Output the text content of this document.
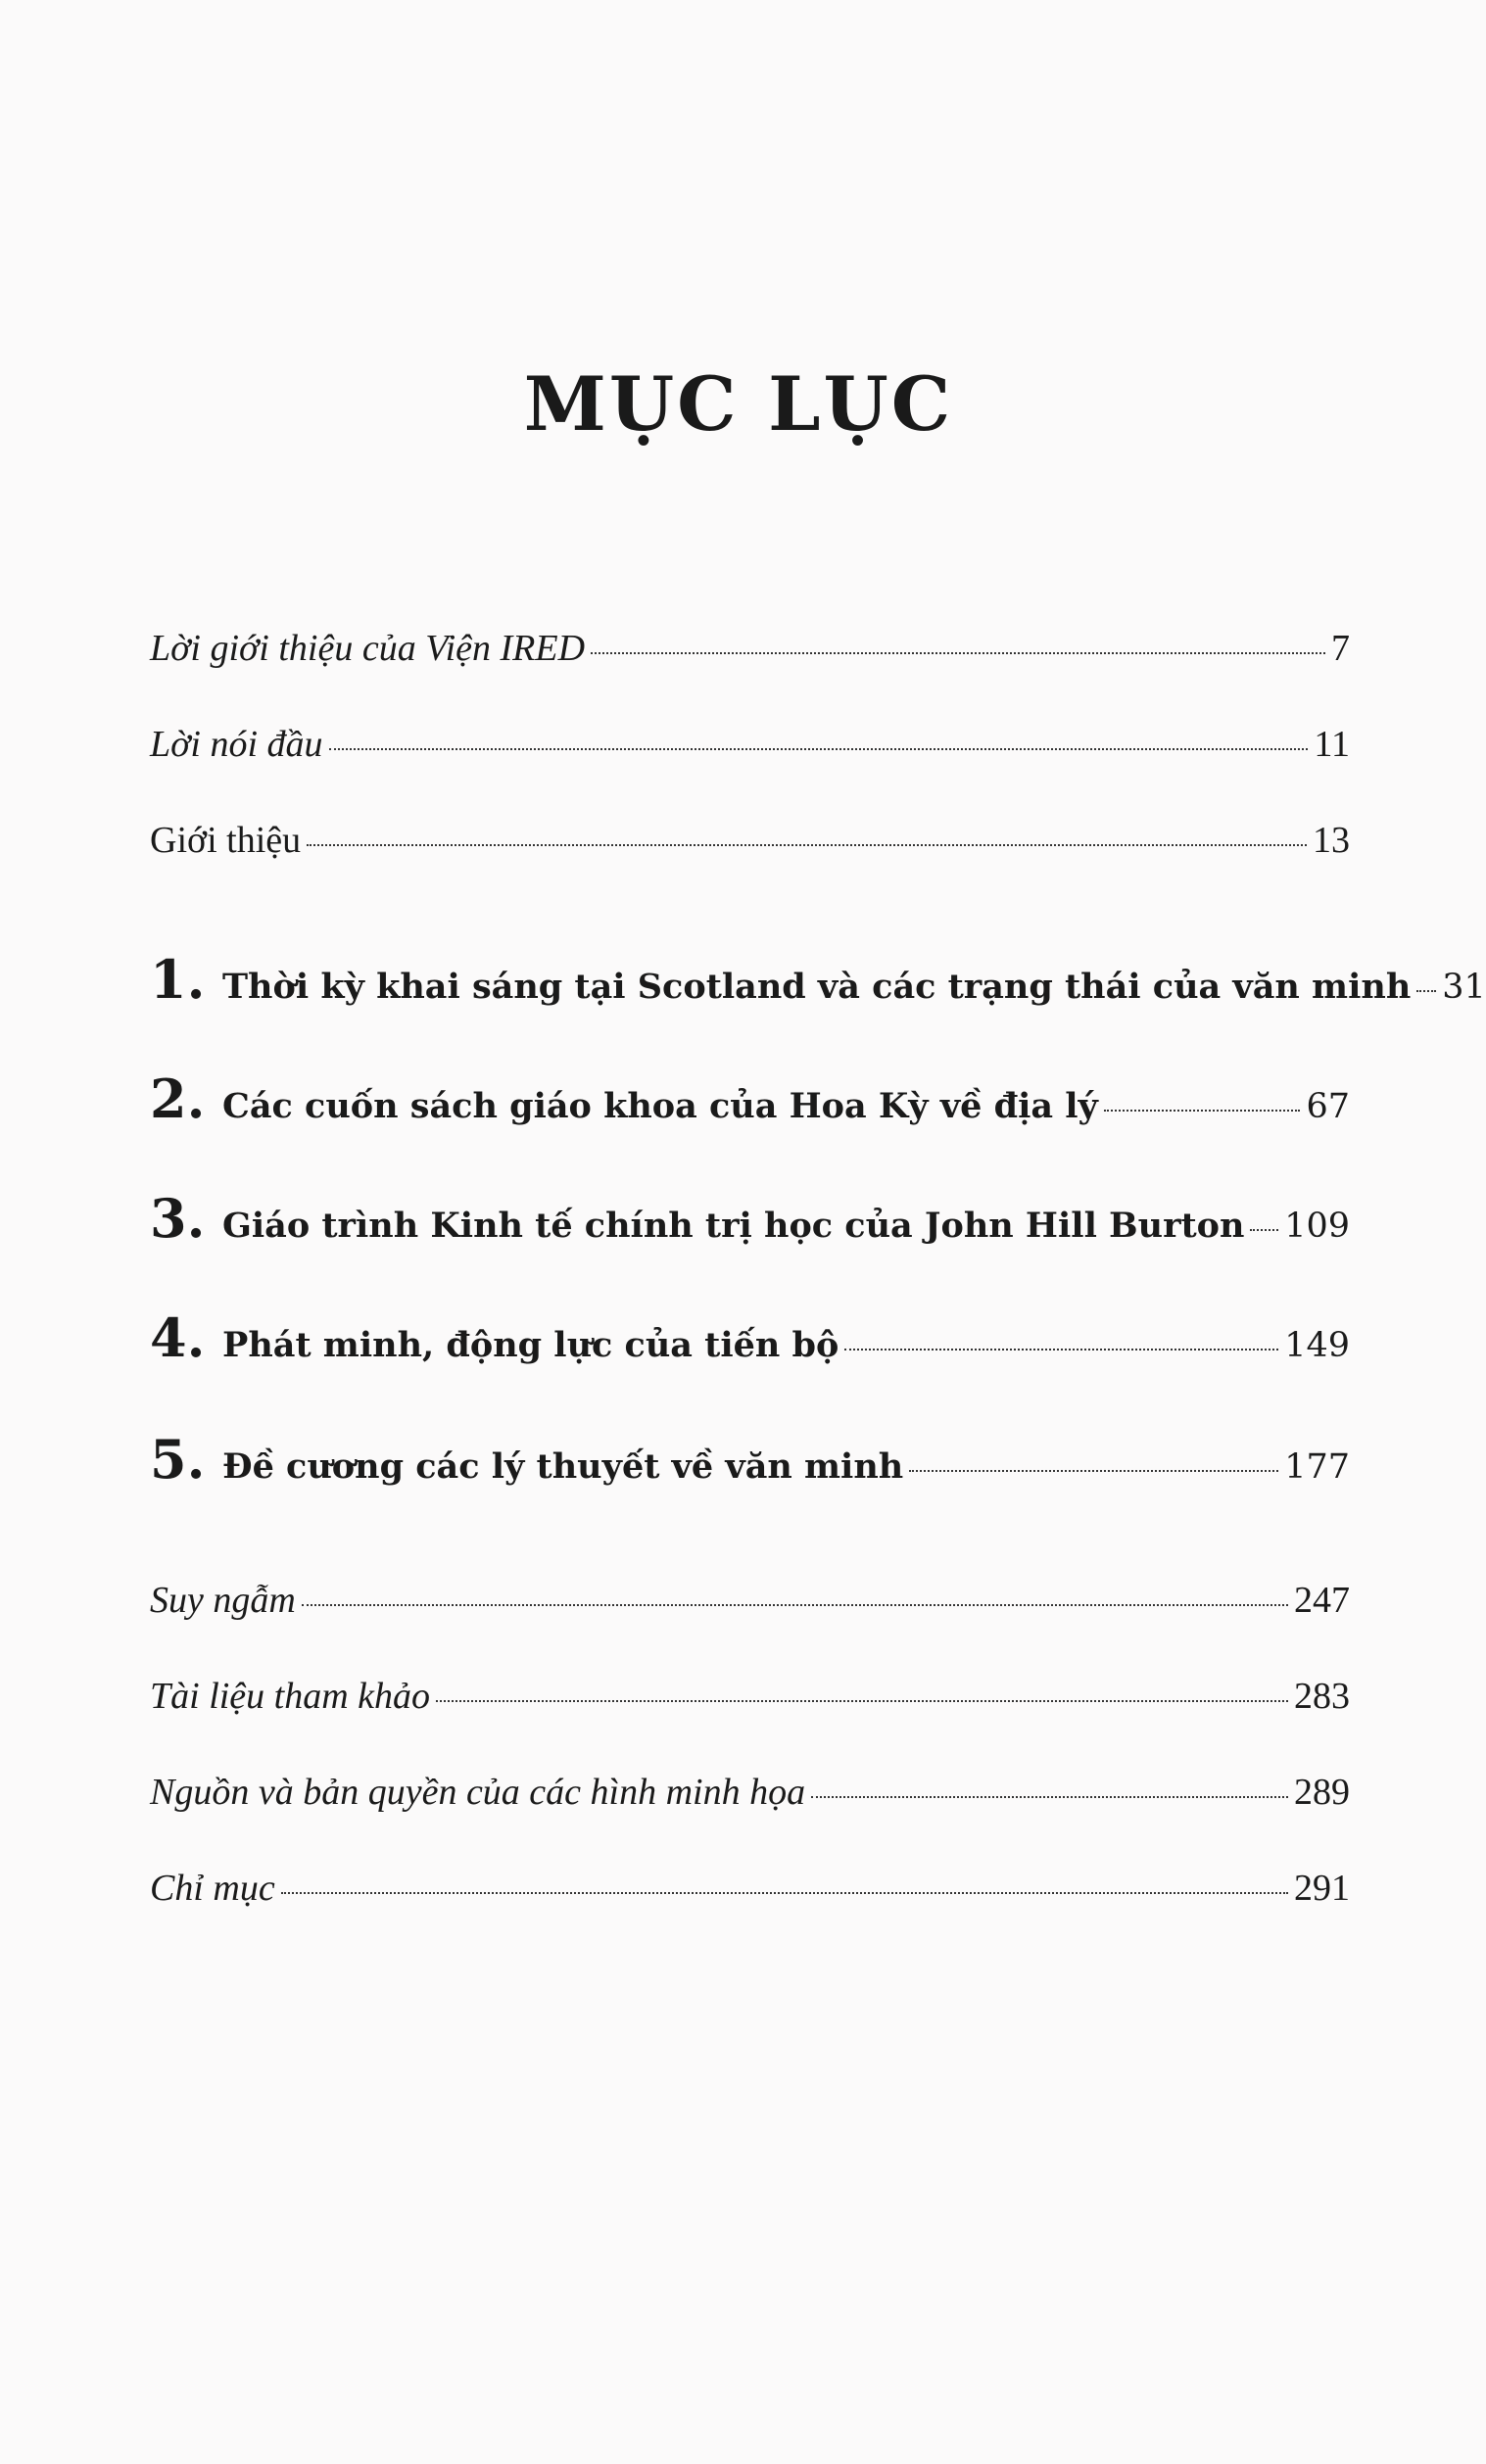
MỤC LỤC
Lời giới thiệu của Viện IRED	7
Lời nói đầu	11
Giới thiệu	13
1. Thời kỳ khai sáng tại Scotland và các trạng thái của văn minh 31
2. Các cuốn sách giáo khoa của Hoa Kỳ về địa lý	67
3. Giáo trình Kinh tế chính trị học của John Hill Burton 109
4. Phát minh, động lực của tiến bộ	149
5. Đề cương các lý thuyết về văn minh	177
Suy ngẫm	247
Tài liệu tham khảo	283
Nguồn và bản quyền của các hình minh họa	289
Chỉ mục	291
